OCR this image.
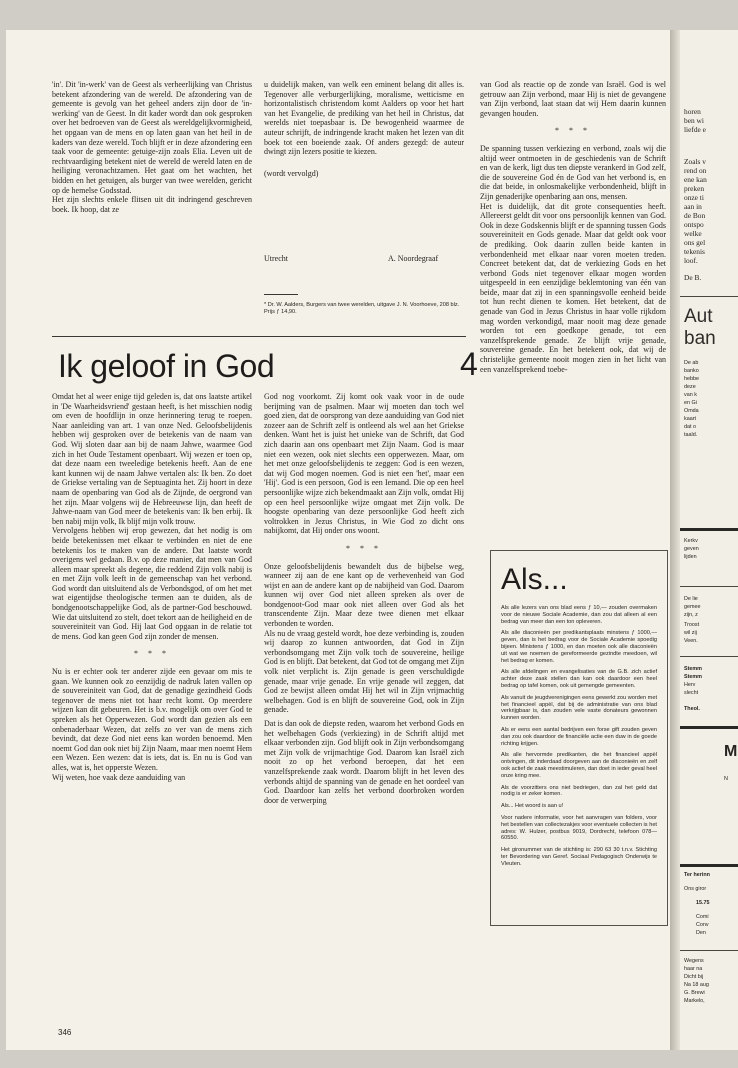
'in'. Dit 'in-werk' van de Geest als verheerlijking van Christus betekent afzondering van de wereld. De afzondering van de gemeente is gevolg van het geheel anders zijn door de 'in-werking' van de Geest. In dit kader wordt dan ook gesproken over het bedroeven van de Geest als wereldgelijkvormigheid, het opgaan van de mens en op laten gaan van het heil in de kaders van deze wereld. Toch blijft er in deze afzondering een taak voor de gemeente: getuige-zijn zoals Elia. Leven uit de rechtvaardiging betekent niet de wereld de wereld laten en de heiliging veronachtzamen. Het gaat om het wachten, het bidden en het getuigen, als burger van twee werelden, gericht op de hemelse Godsstad.

Het zijn slechts enkele flitsen uit dit indringend geschreven boek. Ik hoop, dat ze

u duidelijk maken, van welk een eminent belang dit alles is. Tegenover alle verburgerlijking, moralisme, wetticisme en horizontalistisch christendom komt Aalders op voor het hart van het Evangelie, de prediking van het heil in Christus, dat werelds niet toepasbaar is. De bewogenheid waarmee de auteur schrijft, de indringende kracht maken het lezen van dit boek tot een boeiende zaak. Of anders gezegd: de auteur dwingt zijn lezers positie te kiezen.

(wordt vervolgd)

Utrecht	A. Noordegraaf
* Dr. W. Aalders, Burgers van twee werelden, uitgave J. N. Voorhoeve, 208 blz. Prijs ƒ 14,90.

van God als reactie op de zonde van Israël. God is wel getrouw aan Zijn verbond, maar Hij is niet de gevangene van Zijn verbond, laat staan dat wij Hem daarin kunnen gevangen houden.

* * *

De spanning tussen verkiezing en verbond, zoals wij die altijd weer ontmoeten in de geschiedenis van de Schrift en van de kerk, ligt dus ten diepste verankerd in God zelf, die de souvereine God én de God van het verbond is, en die dat beide, in onlosmakelijke verbondenheid, blijft in Zijn genaderijke openbaring aan ons, mensen.

Het is duidelijk, dat dit grote consequenties heeft. Allereerst geldt dit voor ons persoonlijk kennen van God. Ook in deze Godskennis blijft er de spanning tussen Gods souvereiniteit en Gods genade. Maar dat geldt ook voor de prediking. Ook daarin zullen beide kanten in verbondenheid met elkaar naar voren moeten treden. Concreet betekent dat, dat de verkiezing Gods en het verbond Gods niet tegenover elkaar mogen worden uitgespeeld in een eenzijdige beklemtoning van één van beide, maar dat zij in een spanningsvolle eenheid beide tot hun recht dienen te komen. Het betekent, dat de genade van God in Jezus Christus in haar volle rijkdom mag worden verkondigd, maar nooit mag deze genade worden tot een goedkope genade, tot een vanzelfsprekende genade. Ze blijft vrije genade, souvereine genade. En het betekent ook, dat wij de christelijke gemeente nooit mogen zien in het licht van een vanzelfsprekend toebe-

Ik geloof in God	4

Omdat het al weer enige tijd geleden is, dat ons laatste artikel in 'De Waarheidsvriend' gestaan heeft, is het misschien nodig om even de hoofdlijn in onze herinnering terug te roepen. Naar aanleiding van art. 1 van onze Ned. Geloofsbelijdenis hebben wij gesproken over de betekenis van de naam van God. Wij sloten daar aan bij de naam Jahwe, waarmee God zich in het Oude Testament openbaart. Wij wezen er toen op, dat deze naam een tweeledige betekenis heeft. Aan de ene kant kunnen wij de naam Jahwe vertalen als: Ik ben. Zo doet de Griekse vertaling van de Septuaginta het. Zij hoort in deze naam de openbaring van God als de Zijnde, de oergrond van het zijn. Maar volgens wij de Hebreeuwse lijn, dan heeft de Jahwe-naam van God meer de betekenis van: Ik ben erbij. Ik ben nabij mijn volk, Ik blijf mijn volk trouw.

Vervolgens hebben wij erop gewezen, dat het nodig is om beide betekenissen met elkaar te verbinden en niet de ene betekenis los te maken van de andere. Dat laatste wordt overigens wel gedaan. B.v. op deze manier, dat men van God alleen maar spreekt als degene, die reddend Zijn volk nabij is en met Zijn volk leeft in de gemeenschap van het verbond. God wordt dan uitsluitend als de Verbondsgod, of om het met wat eigentijdse theologische termen aan te duiden, als de bondgenootschappelijke God, als de partner-God beschouwd. Wie dat uitsluitend zo stelt, doet tekort aan de heiligheid en de souvereiniteit van God. Hij laat God opgaan in de relatie tot de mens. God kan geen God zijn zonder de mensen.

* * *

Nu is er echter ook ter anderer zijde een gevaar om mis te gaan. We kunnen ook zo eenzijdig de nadruk laten vallen op de souvereiniteit van God, dat de genadige gezindheid Gods tegenover de mens niet tot haar recht komt. Op meerdere wijzen kan dit gebeuren. Het is b.v. mogelijk om over God te spreken als het Opperwezen. God wordt dan gezien als een onbenaderbaar Wezen, dat zelfs zo ver van de mens zich bevindt, dat deze God niet eens kan worden benoemd. Men noemt God dan ook niet bij Zijn Naam, maar men noemt Hem een Wezen. Een wezen: dat is iets, dat is. En nu is God van alles, wat is, het opperste Wezen.

Wij weten, hoe vaak deze aanduiding van

God nog voorkomt. Zij komt ook vaak voor in de oude berijming van de psalmen. Maar wij moeten dan toch wel goed zien, dat de oorsprong van deze aanduiding van God niet zozeer aan de Schrift zelf is ontleend als wel aan het Griekse denken. Want het is juist het unieke van de Schrift, dat God zich daarin aan ons openbaart met Zijn Naam. God is maar niet een wezen, ook niet slechts een opperwezen. Maar, om het met onze geloofsbelijdenis te zeggen: God is een wezen, dat wij God mogen noemen. God is niet een 'het', maar een 'Hij'. God is een persoon, God is een Iemand. Die op een heel persoonlijke wijze zich bekendmaakt aan Zijn volk, omdat Hij op een heel persoonlijke wijze omgaat met Zijn volk. De hoogste openbaring van deze persoonlijke God heeft zich voltrokken in Jezus Christus, in Wie God zo dicht ons nabijkomt, dat Hij onder ons woont.

* * *

Onze geloofsbelijdenis bewandelt dus de bijbelse weg, wanneer zij aan de ene kant op de verhevenheid van God wijst en aan de andere kant op de nabijheid van God. Daarom kunnen wij over God niet alleen spreken als over de bondgenoot-God maar ook niet alleen over God als het transcendente Zijn. Maar deze twee dienen met elkaar verbonden te worden.

Als nu de vraag gesteld wordt, hoe deze verbinding is, zouden wij daarop zo kunnen antwoorden, dat God in Zijn verbondsomgang met Zijn volk toch de souvereine, heilige God is en blijft. Dat betekent, dat God tot de omgang met Zijn volk niet verplicht is. Zijn genade is geen verschuldigde genade, maar vrije genade. En vrije genade wil zeggen, dat God ze bewijst alleen omdat Hij het wil in Zijn vrijmachtig welbehagen. God is en blijft de souvereine God, ook in Zijn genade.

Dat is dan ook de diepste reden, waarom het verbond Gods en het welbehagen Gods (verkiezing) in de Schrift altijd met elkaar verbonden zijn. God blijft ook in Zijn verbondsomgang met Zijn volk de vrijmachtige God. Daarom kan Israël zich nooit zo op het verbond beroepen, dat het een vanzelfsprekende zaak wordt. Daarom blijft in het leven des verbonds altijd de spanning van de genade en het oordeel van God. Daardoor kan zelfs het verbond doorbroken worden door de verwerping

Als...

Als alle lezers van ons blad eens ƒ 10,— zouden overmaken voor de nieuwe Sociale Academie, dan zou dat alleen al een bedrag van meer dan een ton opleveren.

Als alle diaconieën per predikantsplaats minstens ƒ 1000,— geven, dan is het bedrag voor de Sociale Academie spoedig bijeen. Ministens ƒ 1000, en dan moeten ook alle diaconieën uit wat we noemen de gereformeerde gezindte meedoen, wil het bedrag er komen.

Als alle afdelingen en evangelisaties van de G.B. zich actief achter deze zaak stellen dan kan ook daardoor een heel bedrag op tafel komen, ook uit gemengde gemeenten.

Als vanuit de jeugdverenigingen eens gewerkt zou worden met het financieel appèl, dat bij de administratie van ons blad verkrijgbaar is, dan zouden vele vaste donateurs gewonnen kunnen worden.

Als er eens een aantal bedrijven een forse gift zouden geven dan zou ook daardoor de financiële actie een duw in de goede richting krijgen.

Als alle hervormde predikanten, die het financieel appèl ontvingen, dit inderdaad doorgeven aan de diaconieën en zelf ook actief de zaak meestimuleren, dan doet in ieder geval heel onze kring mee.

Als de voorzitters ons niet bedriegen, dan zal het geld dat nodig is er zeker komen.

Als... Het woord is aan u!

Voor nadere informatie, voor het aanvragen van folders, voor het bestellen van collectezakjes voor eventuele collecten is het adres: W. Hulzer, postbus 9019, Dordrecht, telefoon 078—60550.

Het gironummer van de stichting is: 290 63 30 t.n.v. Stichting ter Bevordering van Geref. Sociaal Pedagogisch Onderwijs te Vleuten.

346
horen
ben wi
liefde e
Zoals v
rend on
ene kan
preken
onze ti
aan in
de Bon
ontspo
welke
ons gel
tekenis
loof.
De B.
Aut
ban
De ab
banko
hebbe
deze
van k
en Gi
Omda
kaart
dat o
taald.
Kerkv
geven
lijden
De lie
gemee
zijn, z
Troost
wil zij
Veen.
Stemm
Stemm
Herv
slecht
Theol.
M
N
Ter herinn
Ons giror
15.75
Comi
Conv
Den
Wegens
haar na
Dicht bij
Na 18 aug
G. Brewi
Markelo,
